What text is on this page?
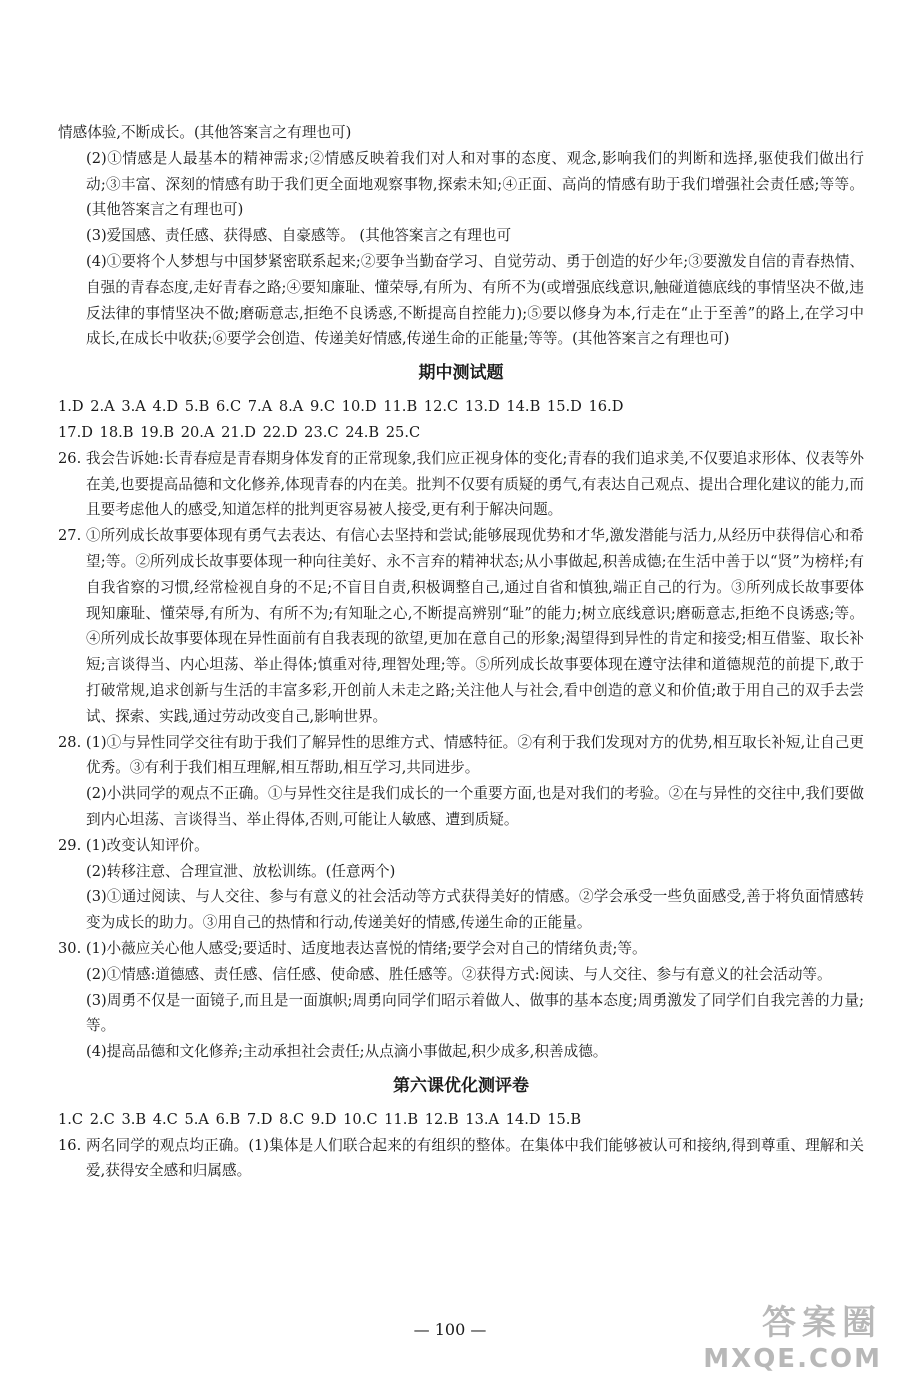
情感体验,不断成长。(其他答案言之有理也可)

(2)①情感是人最基本的精神需求;②情感反映着我们对人和对事的态度、观念,影响我们的判断和选择,驱使我们做出行动;③丰富、深刻的情感有助于我们更全面地观察事物,探索未知;④正面、高尚的情感有助于我们增强社会责任感;等等。(其他答案言之有理也可)

(3)爱国感、责任感、获得感、自豪感等。 (其他答案言之有理也可

(4)①要将个人梦想与中国梦紧密联系起来;②要争当勤奋学习、自觉劳动、勇于创造的好少年;③要激发自信的青春热情、自强的青春态度,走好青春之路;④要知廉耻、懂荣辱,有所为、有所不为(或增强底线意识,触碰道德底线的事情坚决不做,违反法律的事情坚决不做;磨砺意志,拒绝不良诱惑,不断提高自控能力);⑤要以修身为本,行走在“止于至善”的路上,在学习中成长,在成长中收获;⑥要学会创造、传递美好情感,传递生命的正能量;等等。(其他答案言之有理也可)

期中测试题

1.D 2.A 3.A 4.D 5.B 6.C 7.A 8.A 9.C 10.D 11.B 12.C 13.D 14.B 15.D 16.D

17.D 18.B 19.B 20.A 21.D 22.D 23.C 24.B 25.C

26. 我会告诉她:长青春痘是青春期身体发育的正常现象,我们应正视身体的变化;青春的我们追求美,不仅要追求形体、仪表等外在美,也要提高品德和文化修养,体现青春的内在美。批判不仅要有质疑的勇气,有表达自己观点、提出合理化建议的能力,而且要考虑他人的感受,知道怎样的批判更容易被人接受,更有利于解决问题。

27. ①所列成长故事要体现有勇气去表达、有信心去坚持和尝试;能够展现优势和才华,激发潜能与活力,从经历中获得信心和希望;等。②所列成长故事要体现一种向往美好、永不言弃的精神状态;从小事做起,积善成德;在生活中善于以“贤”为榜样;有自我省察的习惯,经常检视自身的不足;不盲目自责,积极调整自己,通过自省和慎独,端正自己的行为。③所列成长故事要体现知廉耻、懂荣辱,有所为、有所不为;有知耻之心,不断提高辨别“耻”的能力;树立底线意识;磨砺意志,拒绝不良诱惑;等。④所列成长故事要体现在异性面前有自我表现的欲望,更加在意自己的形象;渴望得到异性的肯定和接受;相互借鉴、取长补短;言谈得当、内心坦荡、举止得体;慎重对待,理智处理;等。⑤所列成长故事要体现在遵守法律和道德规范的前提下,敢于打破常规,追求创新与生活的丰富多彩,开创前人未走之路;关注他人与社会,看中创造的意义和价值;敢于用自己的双手去尝试、探索、实践,通过劳动改变自己,影响世界。

28. (1)①与异性同学交往有助于我们了解异性的思维方式、情感特征。②有利于我们发现对方的优势,相互取长补短,让自己更优秀。③有利于我们相互理解,相互帮助,相互学习,共同进步。

(2)小洪同学的观点不正确。①与异性交往是我们成长的一个重要方面,也是对我们的考验。②在与异性的交往中,我们要做到内心坦荡、言谈得当、举止得体,否则,可能让人敏感、遭到质疑。

29. (1)改变认知评价。

(2)转移注意、合理宣泄、放松训练。(任意两个)

(3)①通过阅读、与人交往、参与有意义的社会活动等方式获得美好的情感。②学会承受一些负面感受,善于将负面情感转变为成长的助力。③用自己的热情和行动,传递美好的情感,传递生命的正能量。

30. (1)小薇应关心他人感受;要适时、适度地表达喜悦的情绪;要学会对自己的情绪负责;等。

(2)①情感:道德感、责任感、信任感、使命感、胜任感等。②获得方式:阅读、与人交往、参与有意义的社会活动等。

(3)周勇不仅是一面镜子,而且是一面旗帜;周勇向同学们昭示着做人、做事的基本态度;周勇激发了同学们自我完善的力量;等。

(4)提高品德和文化修养;主动承担社会责任;从点滴小事做起,积少成多,积善成德。

第六课优化测评卷

1.C 2.C 3.B 4.C 5.A 6.B 7.D 8.C 9.D 10.C 11.B 12.B 13.A 14.D 15.B

16. 两名同学的观点均正确。(1)集体是人们联合起来的有组织的整体。在集体中我们能够被认可和接纳,得到尊重、理解和关爱,获得安全感和归属感。

— 100 —	答案圈
MXQE.COM
